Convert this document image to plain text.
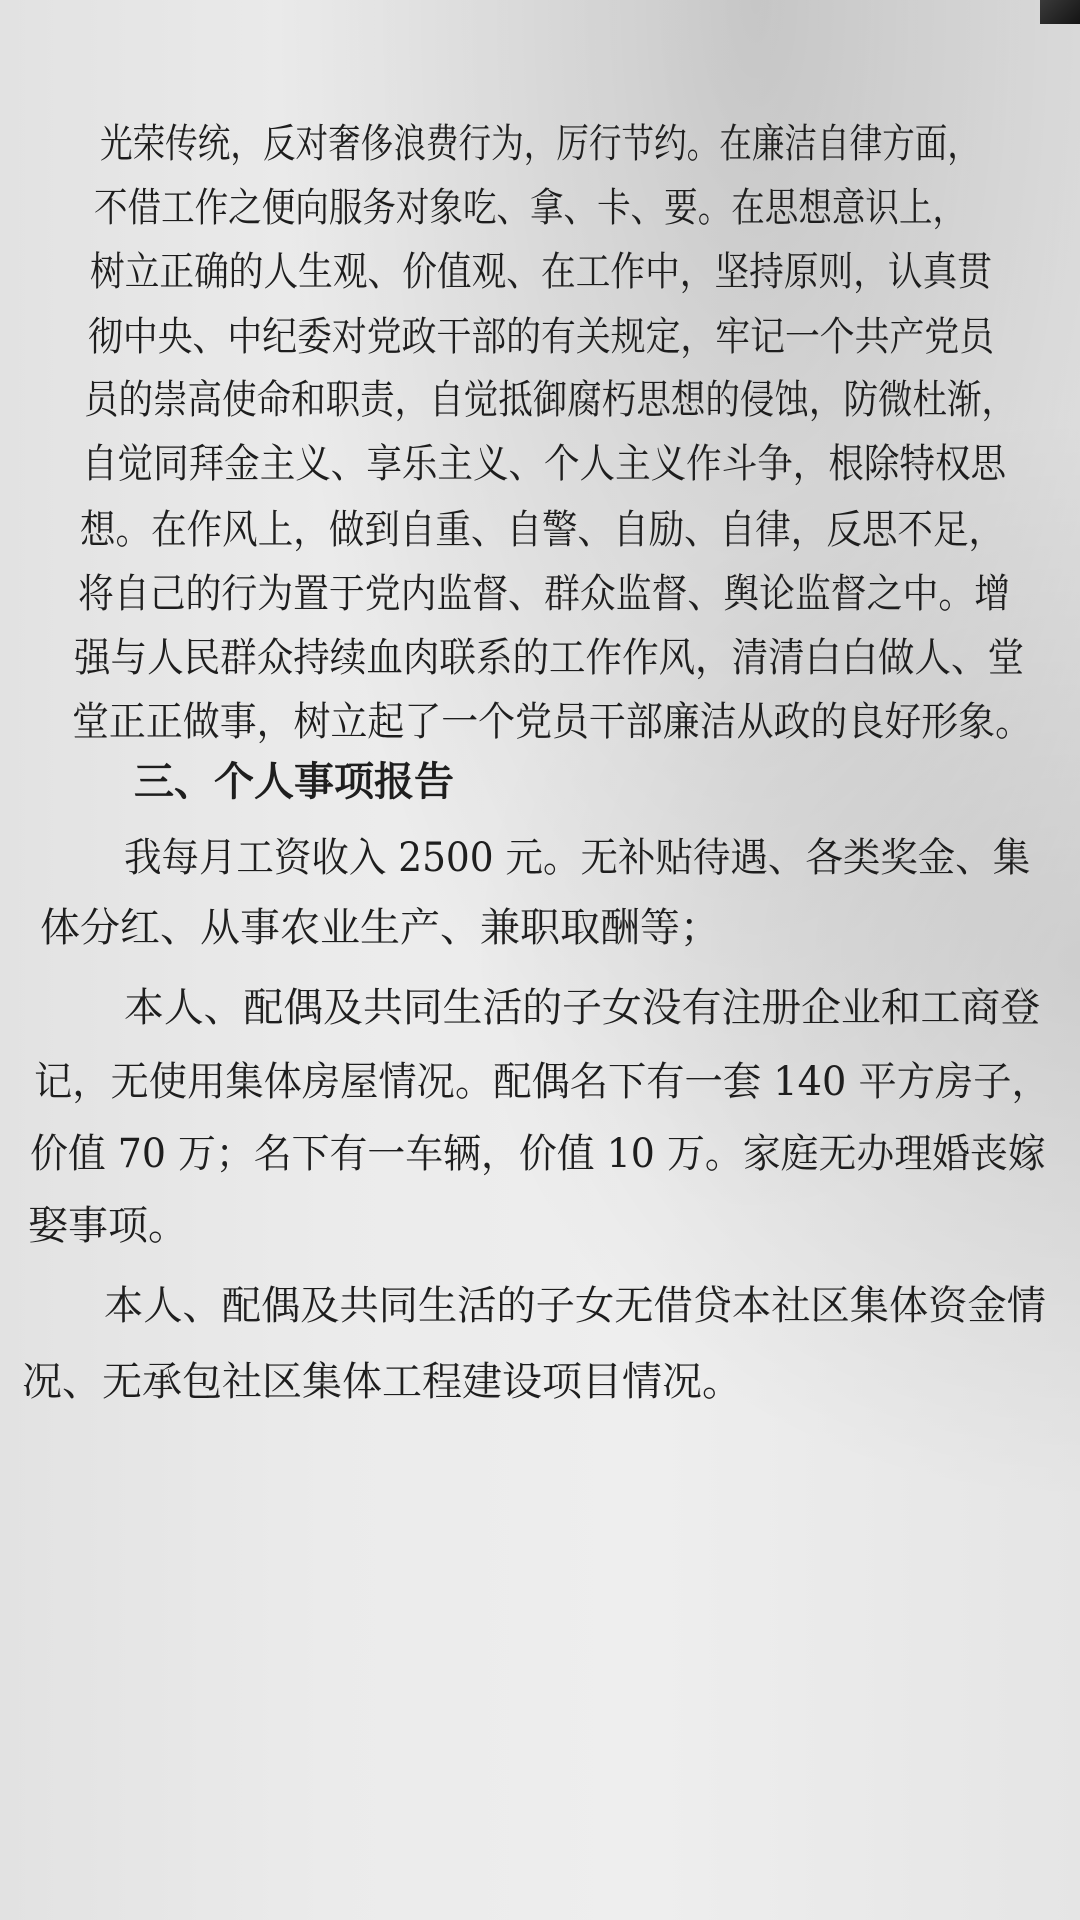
光荣传统，反对奢侈浪费行为，厉行节约。在廉洁自律方面，
不借工作之便向服务对象吃、拿、卡、要。在思想意识上，
树立正确的人生观、价值观、在工作中，坚持原则，认真贯
彻中央、中纪委对党政干部的有关规定，牢记一个共产党员
员的崇高使命和职责，自觉抵御腐朽思想的侵蚀，防微杜渐，
自觉同拜金主义、享乐主义、个人主义作斗争，根除特权思
想。在作风上，做到自重、自警、自励、自律，反思不足，
将自己的行为置于党内监督、群众监督、舆论监督之中。增
强与人民群众持续血肉联系的工作作风，清清白白做人、堂
堂正正做事，树立起了一个党员干部廉洁从政的良好形象。
三、个人事项报告
我每月工资收入 2500 元。无补贴待遇、各类奖金、集
体分红、从事农业生产、兼职取酬等；
本人、配偶及共同生活的子女没有注册企业和工商登
记，无使用集体房屋情况。配偶名下有一套 140 平方房子，
价值 70 万；名下有一车辆，价值 10 万。家庭无办理婚丧嫁
娶事项。
本人、配偶及共同生活的子女无借贷本社区集体资金情
况、无承包社区集体工程建设项目情况。
